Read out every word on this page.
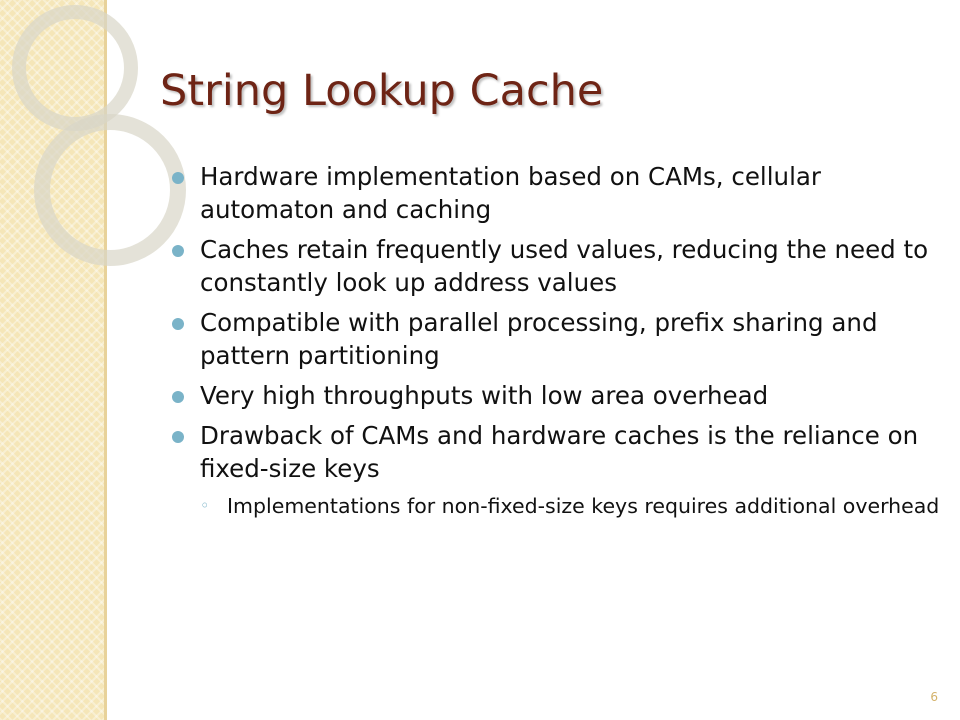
String Lookup Cache
Hardware implementation based on CAMs, cellular automaton and caching
Caches retain frequently used values, reducing the need to constantly look up address values
Compatible with parallel processing, prefix sharing and pattern partitioning
Very high throughputs with low area overhead
Drawback of CAMs and hardware caches is the reliance on fixed-size keys
◦ Implementations for non-fixed-size keys requires additional overhead
6
